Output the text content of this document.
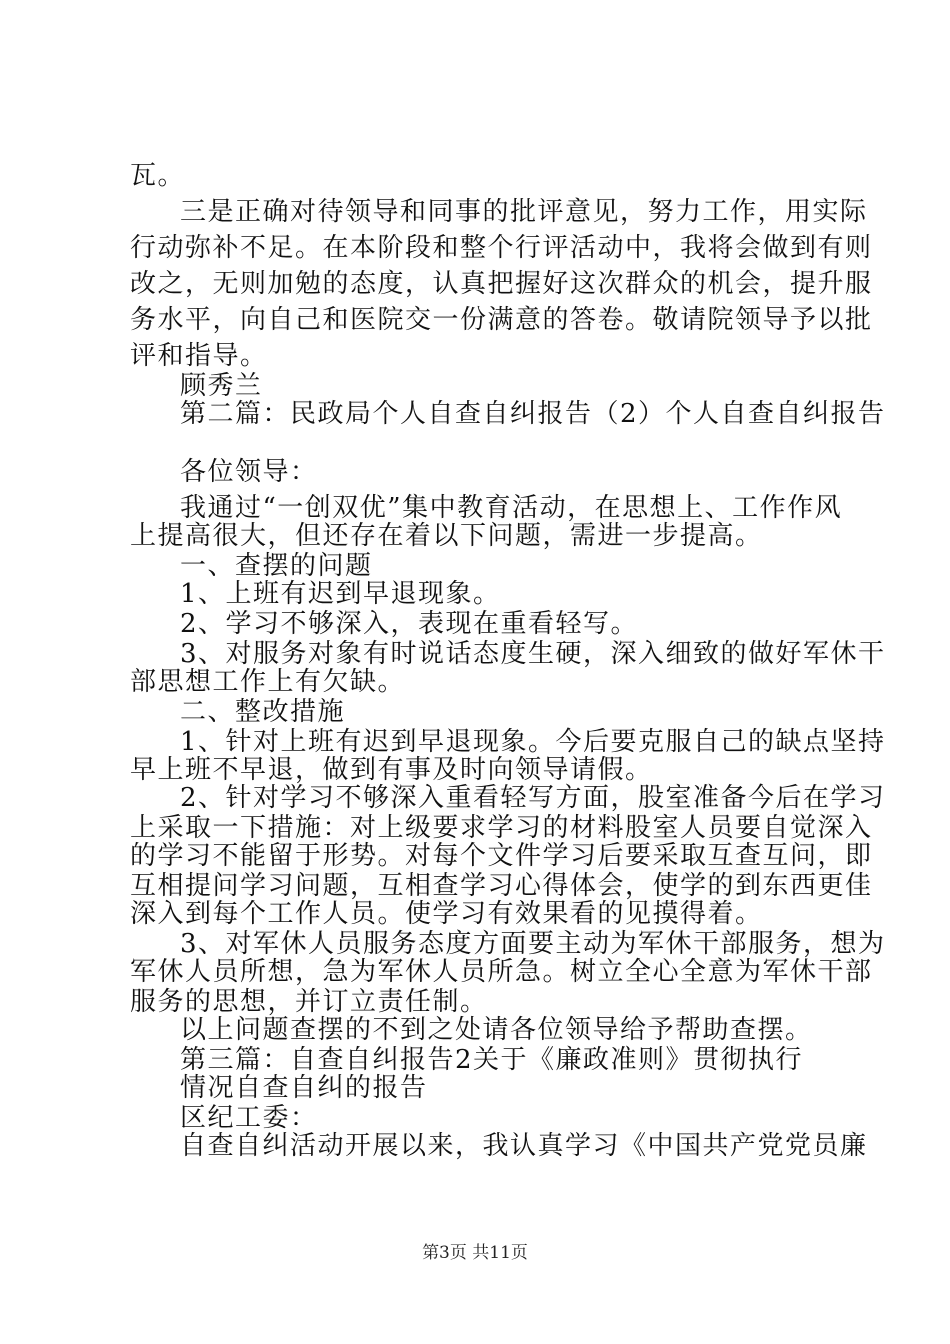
瓦。
三是正确对待领导和同事的批评意见，努力工作，用实际
行动弥补不足。在本阶段和整个行评活动中，我将会做到有则
改之，无则加勉的态度，认真把握好这次群众的机会，提升服
务水平，向自己和医院交一份满意的答卷。敬请院领导予以批
评和指导。
顾秀兰
第二篇：民政局个人自查自纠报告（2）个人自查自纠报告
各位领导：
我通过“一创双优”集中教育活动，在思想上、工作作风
上提高很大，但还存在着以下问题，需进一步提高。
一、查摆的问题
1、上班有迟到早退现象。
2、学习不够深入，表现在重看轻写。
3、对服务对象有时说话态度生硬，深入细致的做好军休干
部思想工作上有欠缺。
二、整改措施
1、针对上班有迟到早退现象。今后要克服自己的缺点坚持
早上班不早退，做到有事及时向领导请假。
2、针对学习不够深入重看轻写方面，股室准备今后在学习
上采取一下措施：对上级要求学习的材料股室人员要自觉深入
的学习不能留于形势。对每个文件学习后要采取互查互问，即
互相提问学习问题，互相查学习心得体会，使学的到东西更佳
深入到每个工作人员。使学习有效果看的见摸得着。
3、对军休人员服务态度方面要主动为军休干部服务，想为
军休人员所想，急为军休人员所急。树立全心全意为军休干部
服务的思想，并订立责任制。
以上问题查摆的不到之处请各位领导给予帮助查摆。
第三篇：自查自纠报告2关于《廉政准则》贯彻执行
情况自查自纠的报告
区纪工委：
自查自纠活动开展以来，我认真学习《中国共产党党员廉
第3页 共11页
